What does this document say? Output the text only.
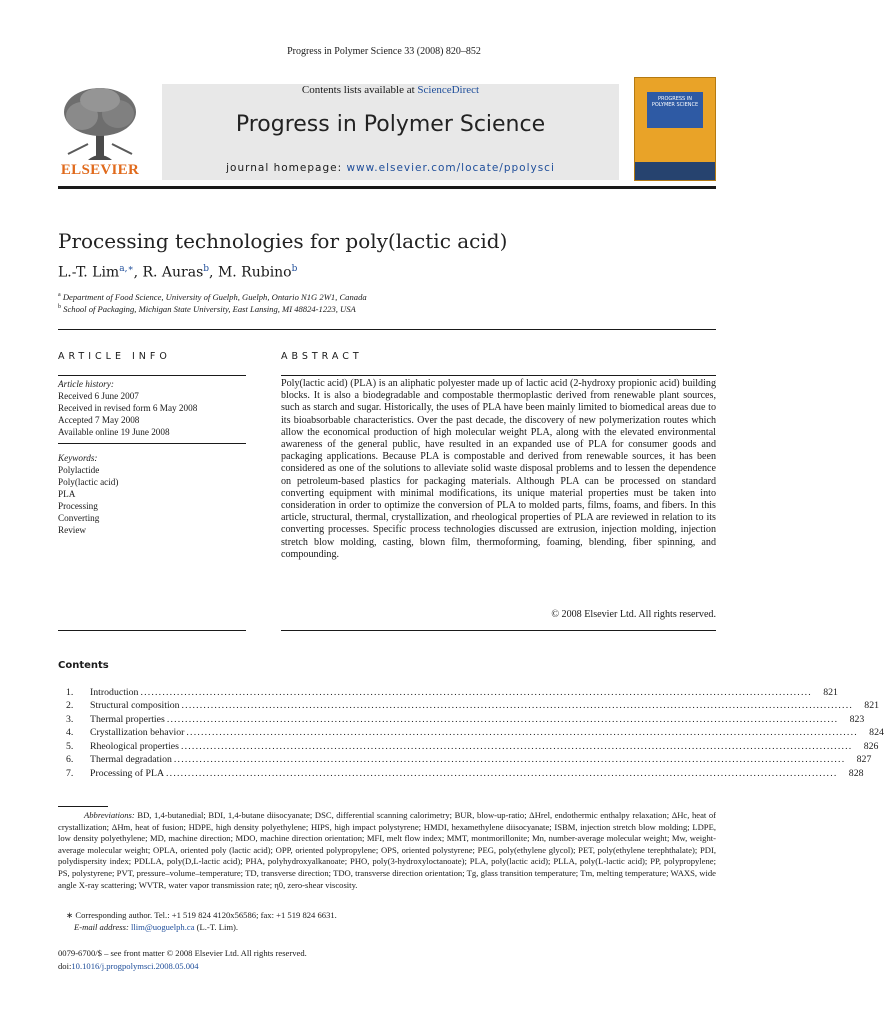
Progress in Polymer Science 33 (2008) 820–852
ELSEVIER
Contents lists available at ScienceDirect
Progress in Polymer Science
journal homepage: www.elsevier.com/locate/ppolysci
PROGRESS IN POLYMER SCIENCE
Processing technologies for poly(lactic acid)
L.-T. Lim$^{a,∗}$, R. Auras$^b$, M. Rubino$^b$
$^a$ Department of Food Science, University of Guelph, Guelph, Ontario N1G 2W1, Canada
$^b$ School of Packaging, Michigan State University, East Lansing, MI 48824-1223, USA
ARTICLE INFO
Article history:
Received 6 June 2007
Received in revised form 6 May 2008
Accepted 7 May 2008
Available online 19 June 2008
Keywords:
Polylactide
Poly(lactic acid)
PLA
Processing
Converting
Review
ABSTRACT
Poly(lactic acid) (PLA) is an aliphatic polyester made up of lactic acid (2-hydroxy propionic acid) building blocks. It is also a biodegradable and compostable thermoplastic derived from renewable plant sources, such as starch and sugar. Historically, the uses of PLA have been mainly limited to biomedical areas due to its bioabsorbable characteristics. Over the past decade, the discovery of new polymerization routes which allow the economical production of high molecular weight PLA, along with the elevated environmental awareness of the general public, have resulted in an expanded use of PLA for consumer goods and packaging applications. Because PLA is compostable and derived from renewable sources, it has been considered as one of the solutions to alleviate solid waste disposal problems and to lessen the dependence on petroleum-based plastics for packaging materials. Although PLA can be processed on standard converting equipment with minimal modifications, its unique material properties must be taken into consideration in order to optimize the conversion of PLA to molded parts, films, foams, and fibers. In this article, structural, thermal, crystallization, and rheological properties of PLA are reviewed in relation to its converting processes. Specific process technologies discussed are extrusion, injection molding, injection stretch blow molding, casting, blown film, thermoforming, foaming, blending, fiber spinning, and compounding.
© 2008 Elsevier Ltd. All rights reserved.
Contents
1.	Introduction ........................................................................................................................................................................................	821
2.	Structural composition ........................................................................................................................................................................................	821
3.	Thermal properties ........................................................................................................................................................................................	823
4.	Crystallization behavior ........................................................................................................................................................................................	824
5.	Rheological properties ........................................................................................................................................................................................	826
6.	Thermal degradation ........................................................................................................................................................................................	827
7.	Processing of PLA ........................................................................................................................................................................................	828
Abbreviations: BD, 1,4-butanedial; BDI, 1,4-butane diisocyanate; DSC, differential scanning calorimetry; BUR, blow-up-ratio; ΔHrel, endothermic enthalpy relaxation; ΔHc, heat of crystallization; ΔHm, heat of fusion; HDPE, high density polyethylene; HIPS, high impact polystyrene; HMDI, hexamethylene diisocyanate; ISBM, injection stretch blow molding; LDPE, low density polyethylene; MD, machine direction; MDO, machine direction orientation; MFI, melt flow index; MMT, montmorillonite; Mn, number-average molecular weight; Mw, weight-average molecular weight; OPLA, oriented poly (lactic acid); OPP, oriented polypropylene; OPS, oriented polystyrene; PEG, poly(ethylene glycol); PET, poly(ethylene terephthalate); PDI, polydispersity index; PDLLA, poly(D,L-lactic acid); PHA, polyhydroxyalkanoate; PHO, poly(3-hydroxyloctanoate); PLA, poly(lactic acid); PLLA, poly(L-lactic acid); PP, polypropylene; PS, polystyrene; PVT, pressure–volume–temperature; TD, transverse direction; TDO, transverse direction orientation; Tg, glass transition temperature; Tm, melting temperature; WAXS, wide angle X-ray scattering; WVTR, water vapor transmission rate; η0, zero-shear viscosity.
∗ Corresponding author. Tel.: +1 519 824 4120x56586; fax: +1 519 824 6631.
E-mail address: llim@uoguelph.ca (L.-T. Lim).
0079-6700/$ – see front matter © 2008 Elsevier Ltd. All rights reserved.
doi:10.1016/j.progpolymsci.2008.05.004
